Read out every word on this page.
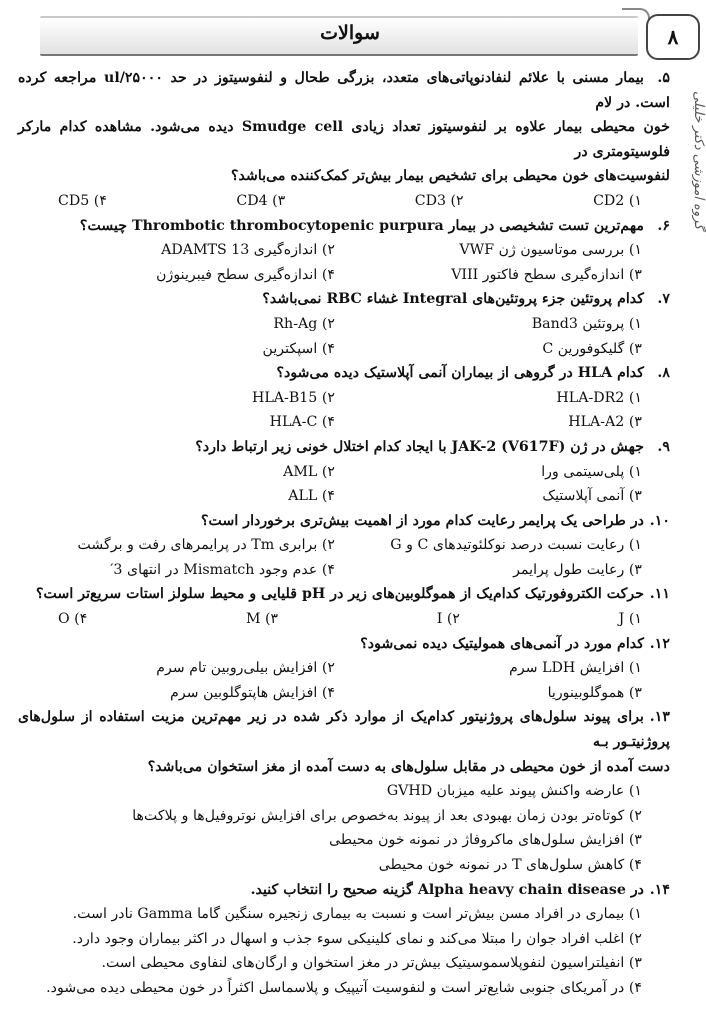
سوالات	۸
گروه آموزشی دکتر خلیلی
۵.بیمار مسنی با علائم لنفادنوپاتی‌های متعدد، بزرگی طحال و لنفوسیتوز در حد ۲۵۰۰۰/ul مراجعه کرده است. در لام
خون محیطی بیمار علاوه بر لنفوسیتوز تعداد زیادی Smudge cell دیده می‌شود. مشاهده کدام مارکر فلوسیتومتری در
لنفوسیت‌های خون محیطی برای تشخیص بیمار بیش‌تر کمک‌کننده می‌باشد؟
۱) CD2
۲) CD3
۳) CD4
۴) CD5
۶.مهم‌ترین تست تشخیصی در بیمار Thrombotic thrombocytopenic purpura چیست؟
۱) بررسی موتاسیون ژن VWF
۲) اندازه‌گیری ADAMTS 13
۳) اندازه‌گیری سطح فاکتور VIII
۴) اندازه‌گیری سطح فیبرینوژن
۷.کدام پروتئین جزء پروتئین‌های Integral غشاء RBC نمی‌باشد؟
۱) پروتئین Band3
۲) Rh-Ag
۳) گلیکوفورین C
۴) اسپکترین
۸.کدام HLA در گروهی از بیماران آنمی آپلاستیک دیده می‌شود؟
۱) HLA-DR2
۲) HLA-B15
۳) HLA-A2
۴) HLA-C
۹.جهش در ژن (V617F) JAK-2 با ایجاد کدام اختلال خونی زیر ارتباط دارد؟
۱) پلی‌سیتمی ورا
۲) AML
۳) آنمی آپلاستیک
۴) ALL
۱۰.در طراحی یک پرایمر رعایت کدام مورد از اهمیت بیش‌تری برخوردار است؟
۱) رعایت نسبت درصد نوکلئوتیدهای C و G
۲) برابری Tm در پرایمرهای رفت و برگشت
۳) رعایت طول پرایمر
۴) عدم وجود Mismatch در انتهای 3′
۱۱.حرکت الکتروفورتیک کدام‌یک از هموگلوبین‌های زیر در pH قلیایی و محیط سلولز استات سریع‌تر است؟
۱) J
۲) I
۳) M
۴) O
۱۲.کدام مورد در آنمی‌های همولیتیک دیده نمی‌شود؟
۱) افزایش LDH سرم
۲) افزایش بیلی‌روبین تام سرم
۳) هموگلوبینوریا
۴) افزایش هاپتوگلوبین سرم
۱۳.برای پیوند سلول‌های پروژنیتور کدام‌یک از موارد ذکر شده در زیر مهم‌ترین مزیت استفاده از سلول‌های پروژنیتـور بـه
دست آمده از خون محیطی در مقابل سلول‌های به دست آمده از مغز استخوان می‌باشد؟
۱) عارضه واکنش پیوند علیه میزبان GVHD
۲) کوتاه‌تر بودن زمان بهبودی بعد از پیوند به‌خصوص برای افزایش نوتروفیل‌ها و پلاکت‌ها
۳) افزایش سلول‌های ماکروفاژ در نمونه خون محیطی
۴) کاهش سلول‌های T در نمونه خون محیطی
۱۴.در Alpha heavy chain disease گزینه صحیح را انتخاب کنید.
۱) بیماری در افراد مسن بیش‌تر است و نسبت به بیماری زنجیره سنگین گاما Gamma نادر است.
۲) اغلب افراد جوان را مبتلا می‌کند و نمای کلینیکی سوء جذب و اسهال در اکثر بیماران وجود دارد.
۳) انفیلتراسیون لنفوپلاسموسیتیک بیش‌تر در مغز استخوان و ارگان‌های لنفاوی محیطی است.
۴) در آمریکای جنوبی شایع‌تر است و لنفوسیت آتیپیک و پلاسماسل اکثراً در خون محیطی دیده می‌شود.
